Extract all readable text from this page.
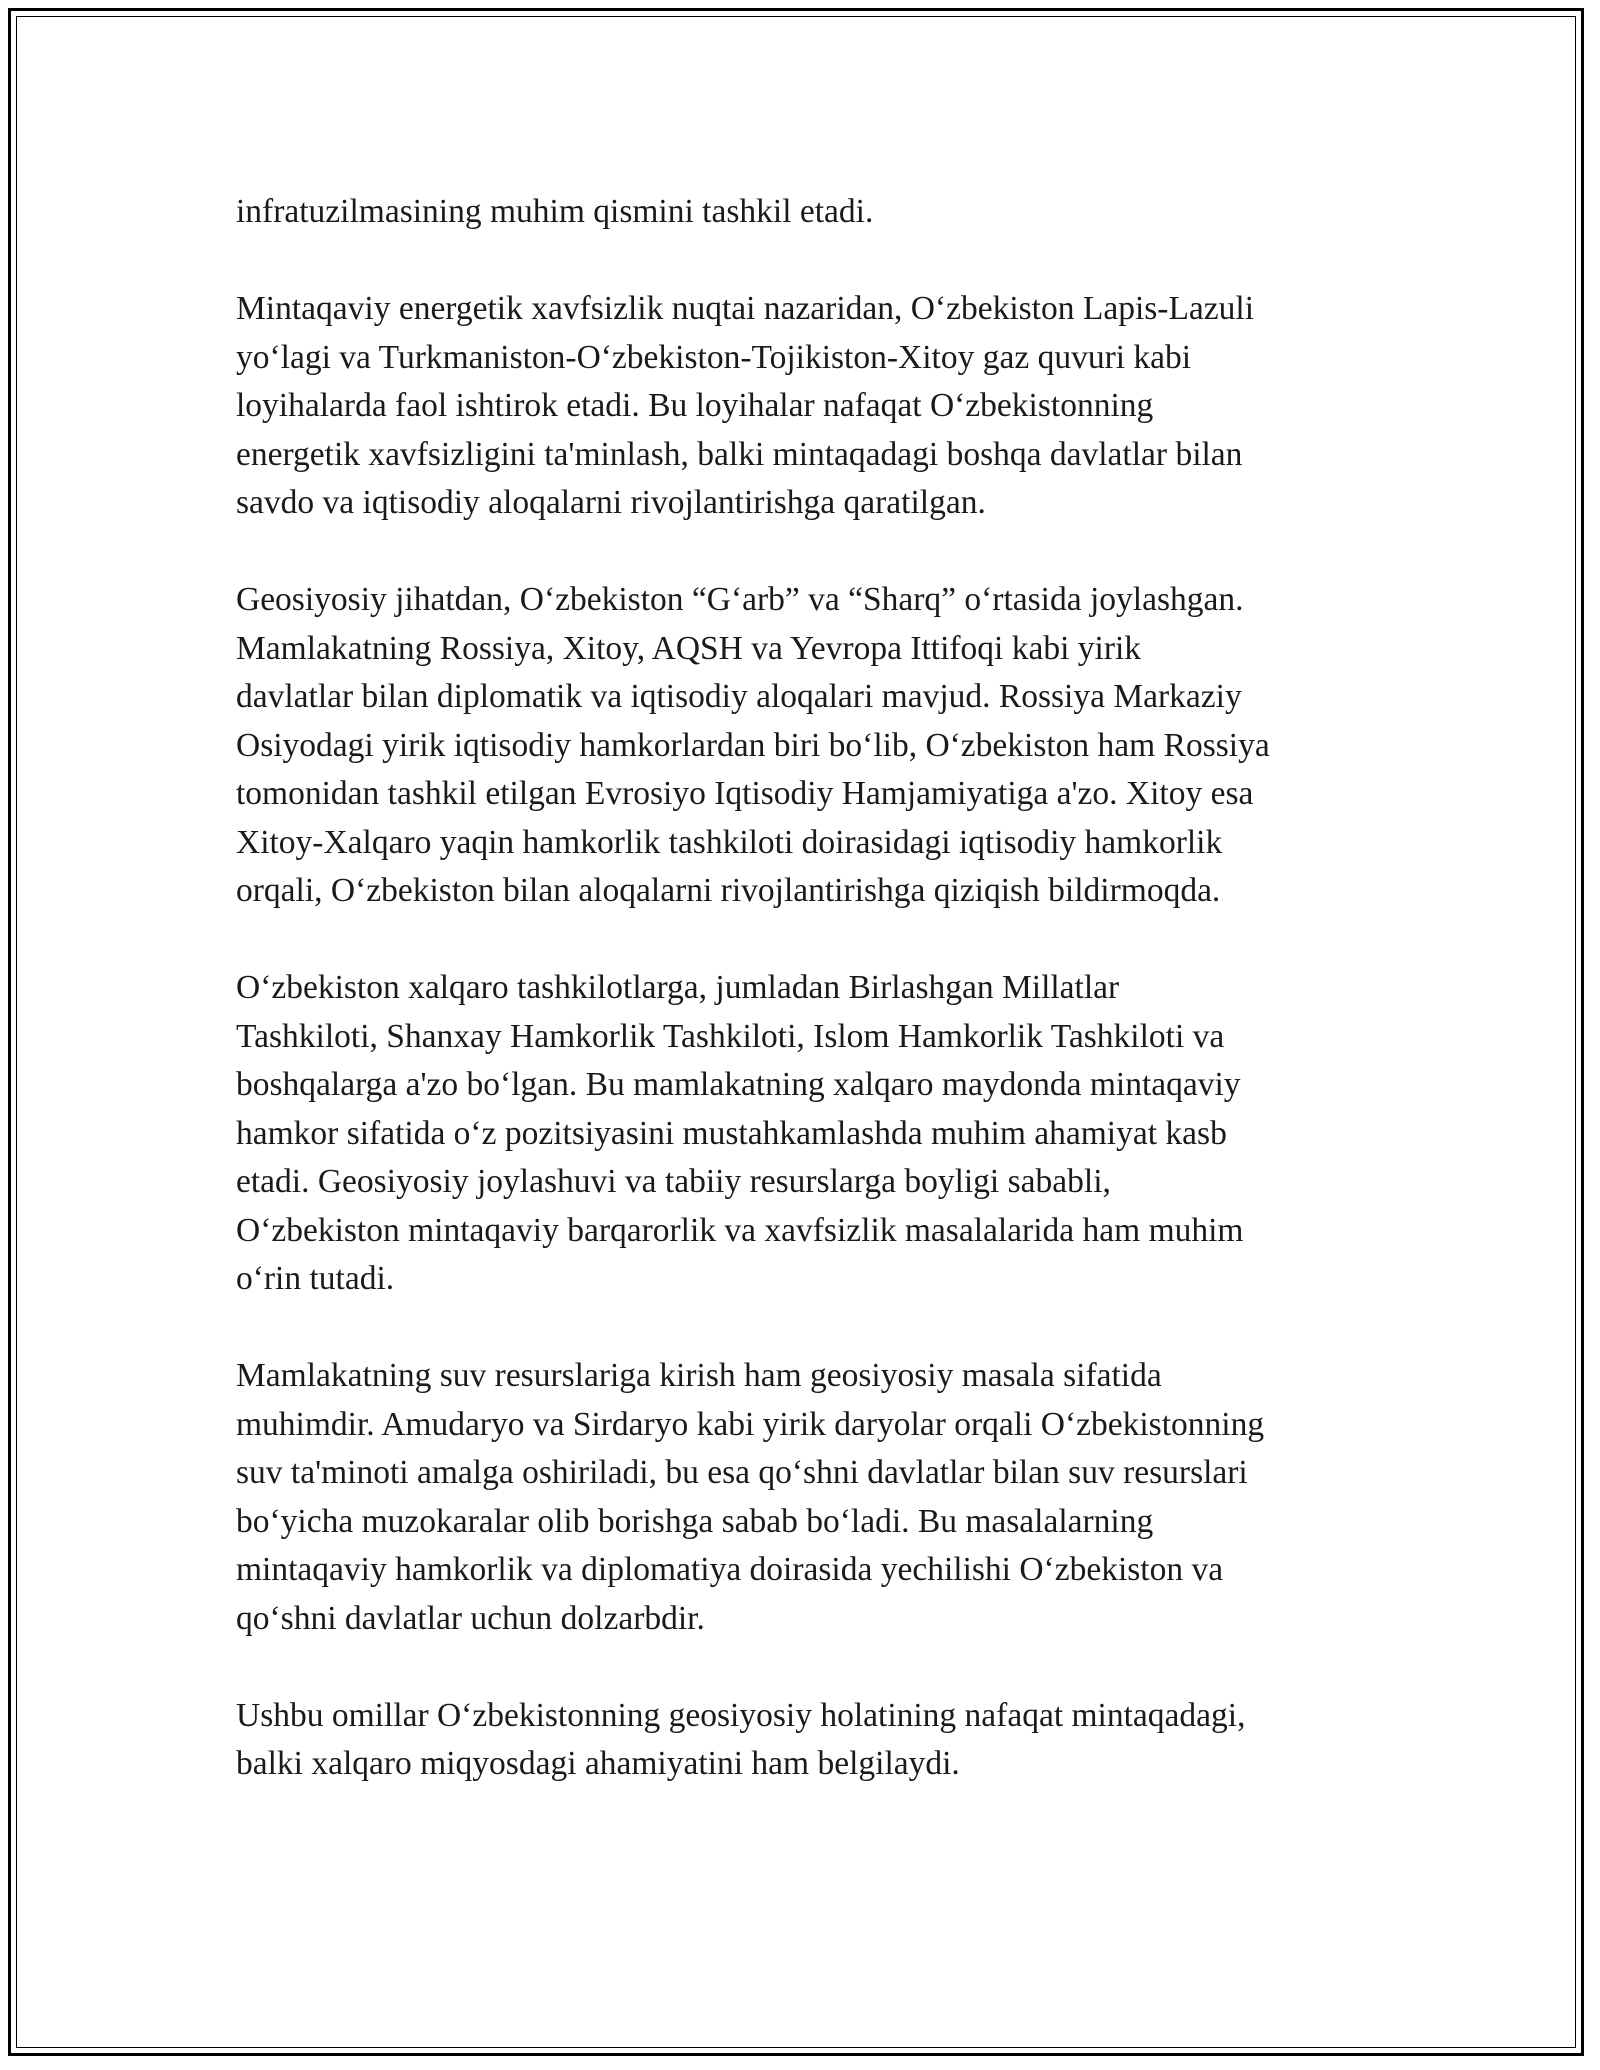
infratuzilmasining muhim qismini tashkil etadi.

Mintaqaviy energetik xavfsizlik nuqtai nazaridan, O‘zbekiston Lapis-Lazuli
yo‘lagi va Turkmaniston-O‘zbekiston-Tojikiston-Xitoy gaz quvuri kabi
loyihalarda faol ishtirok etadi. Bu loyihalar nafaqat O‘zbekistonning
energetik xavfsizligini ta'minlash, balki mintaqadagi boshqa davlatlar bilan
savdo va iqtisodiy aloqalarni rivojlantirishga qaratilgan.

Geosiyosiy jihatdan, O‘zbekiston “G‘arb” va “Sharq” o‘rtasida joylashgan.
Mamlakatning Rossiya, Xitoy, AQSH va Yevropa Ittifoqi kabi yirik
davlatlar bilan diplomatik va iqtisodiy aloqalari mavjud. Rossiya Markaziy
Osiyodagi yirik iqtisodiy hamkorlardan biri bo‘lib, O‘zbekiston ham Rossiya
tomonidan tashkil etilgan Evrosiyo Iqtisodiy Hamjamiyatiga a'zo. Xitoy esa
Xitoy-Xalqaro yaqin hamkorlik tashkiloti doirasidagi iqtisodiy hamkorlik
orqali, O‘zbekiston bilan aloqalarni rivojlantirishga qiziqish bildirmoqda.

O‘zbekiston xalqaro tashkilotlarga, jumladan Birlashgan Millatlar
Tashkiloti, Shanxay Hamkorlik Tashkiloti, Islom Hamkorlik Tashkiloti va
boshqalarga a'zo bo‘lgan. Bu mamlakatning xalqaro maydonda mintaqaviy
hamkor sifatida o‘z pozitsiyasini mustahkamlashda muhim ahamiyat kasb
etadi. Geosiyosiy joylashuvi va tabiiy resurslarga boyligi sababli,
O‘zbekiston mintaqaviy barqarorlik va xavfsizlik masalalarida ham muhim
o‘rin tutadi.

Mamlakatning suv resurslariga kirish ham geosiyosiy masala sifatida
muhimdir. Amudaryo va Sirdaryo kabi yirik daryolar orqali O‘zbekistonning
suv ta'minoti amalga oshiriladi, bu esa qo‘shni davlatlar bilan suv resurslari
bo‘yicha muzokaralar olib borishga sabab bo‘ladi. Bu masalalarning
mintaqaviy hamkorlik va diplomatiya doirasida yechilishi O‘zbekiston va
qo‘shni davlatlar uchun dolzarbdir.

Ushbu omillar O‘zbekistonning geosiyosiy holatining nafaqat mintaqadagi,
balki xalqaro miqyosdagi ahamiyatini ham belgilaydi.
